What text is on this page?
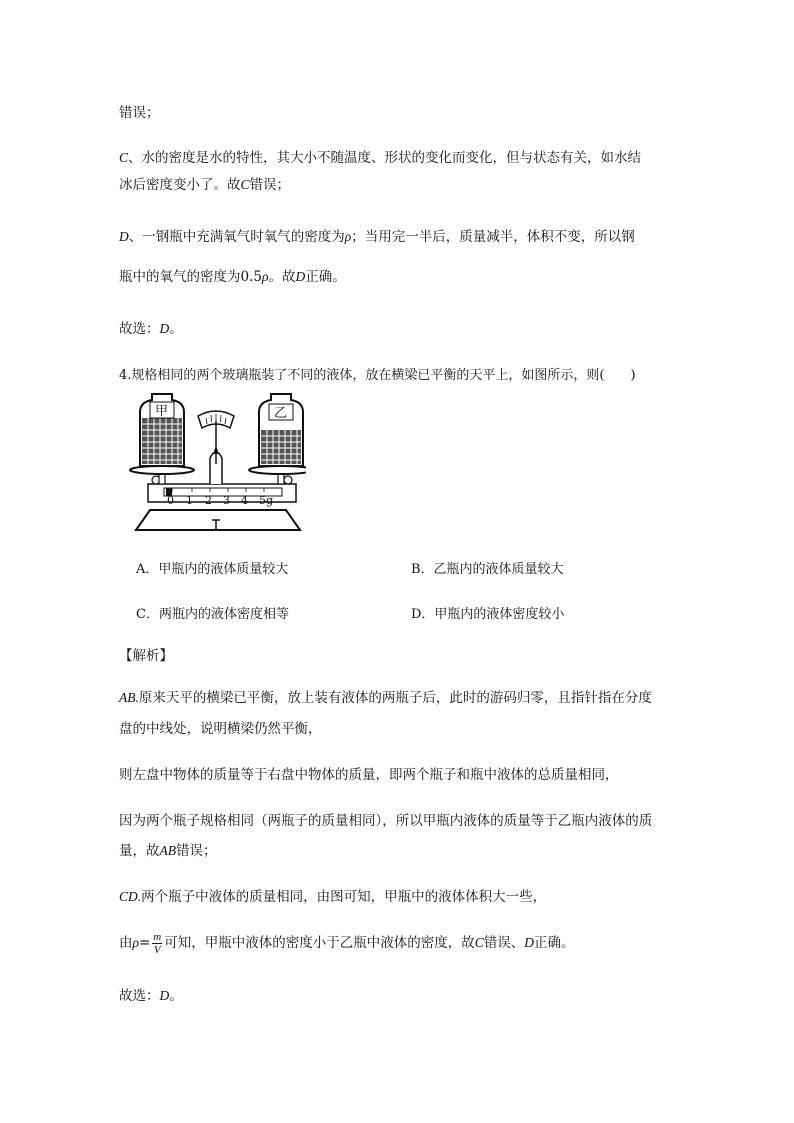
错误；
C、水的密度是水的特性，其大小不随温度、形状的变化而变化，但与状态有关，如水结
冰后密度变小了。故C错误；
D、一钢瓶中充满氧气时氧气的密度为ρ；当用完一半后，质量减半，体积不变，所以钢
瓶中的氧气的密度为0.5ρ。故D正确。
故选：D。
4.规格相同的两个玻璃瓶装了不同的液体，放在横梁已平衡的天平上，如图所示，则(　　)
0 1 2 3 4 5g
甲	乙
A．甲瓶内的液体质量较大	B．乙瓶内的液体质量较大
C．两瓶内的液体密度相等	D．甲瓶内的液体密度较小
【解析】
AB.原来天平的横梁已平衡，放上装有液体的两瓶子后，此时的游码归零，且指针指在分度
盘的中线处，说明横梁仍然平衡，
则左盘中物体的质量等于右盘中物体的质量，即两个瓶子和瓶中液体的总质量相同，
因为两个瓶子规格相同（两瓶子的质量相同），所以甲瓶内液体的质量等于乙瓶内液体的质
量，故AB错误；
CD.两个瓶子中液体的质量相同，由图可知，甲瓶中的液体体积大一些，
由$\rho= \frac{m}{V}$ 可知，甲瓶中液体的密度小于乙瓶中液体的密度，故C错误、D正确。
故选：D。
